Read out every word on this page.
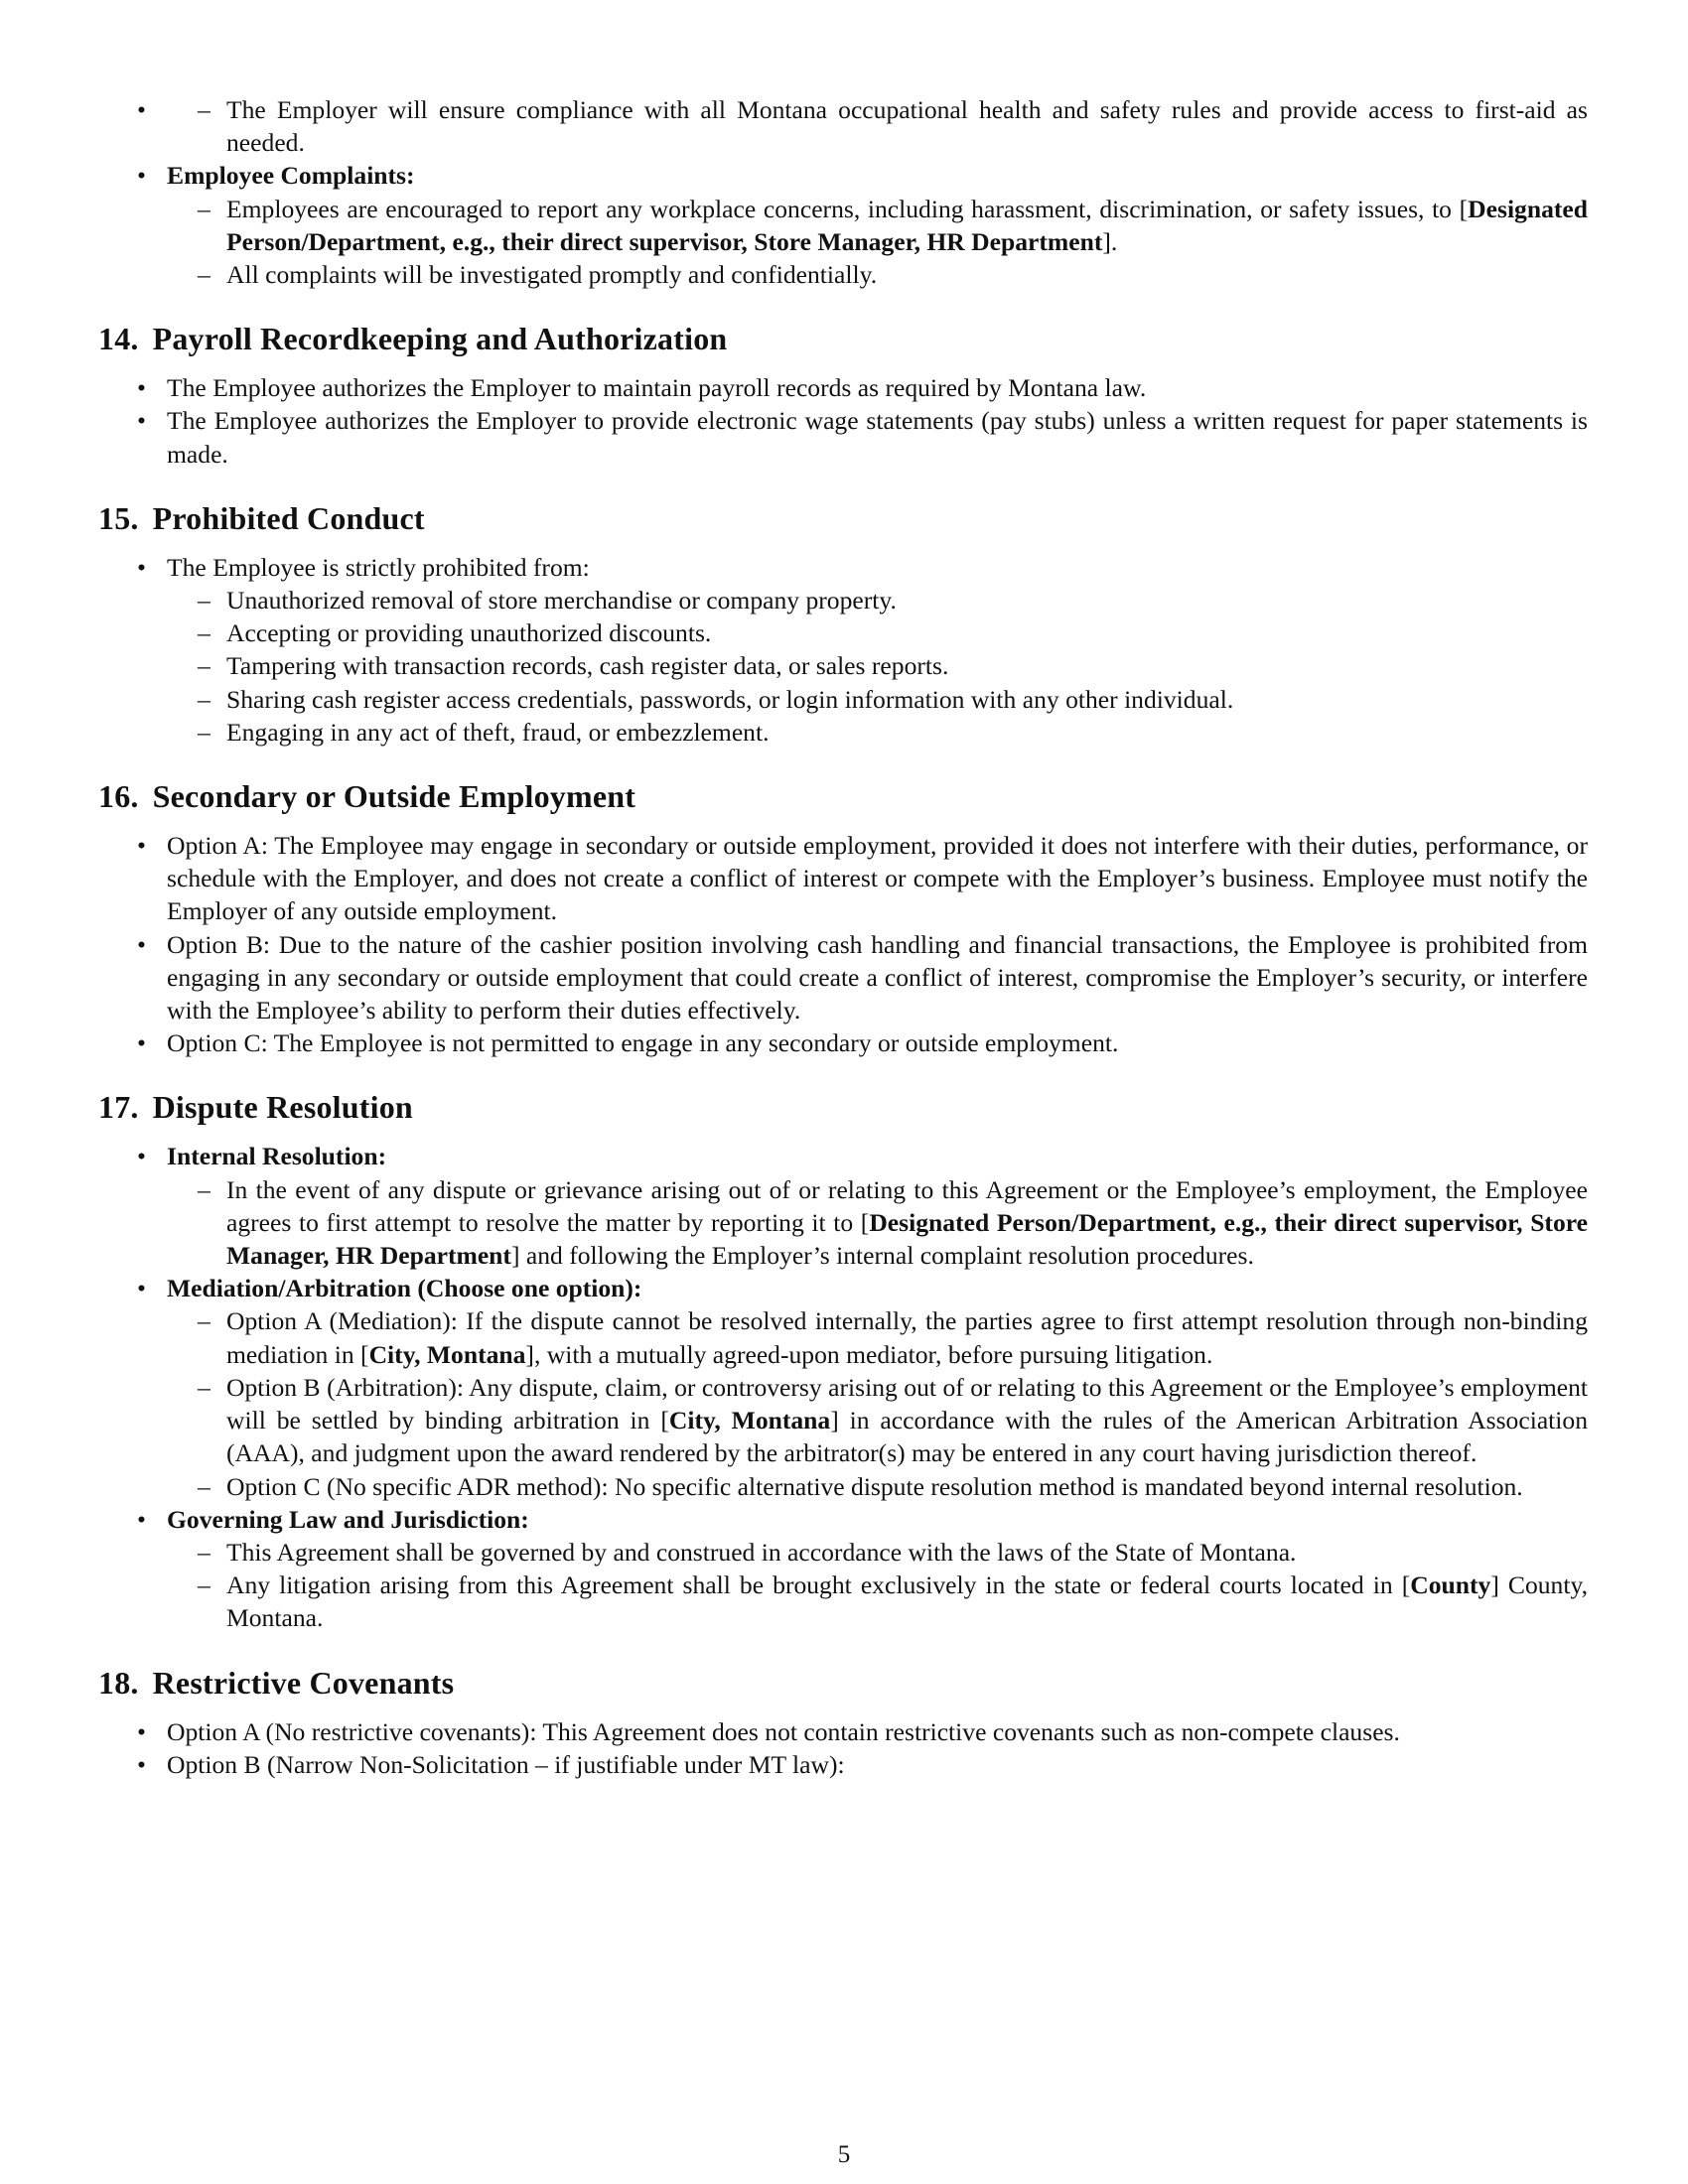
– • The Employer will ensure compliance with all Montana occupational health and safety rules and provide access to first-aid as needed.
• Employee Complaints:
– Employees are encouraged to report any workplace concerns, including harassment, discrimination, or safety issues, to [Designated Person/Department, e.g., their direct supervisor, Store Manager, HR Department].
– All complaints will be investigated promptly and confidentially.
14. Payroll Recordkeeping and Authorization
• The Employee authorizes the Employer to maintain payroll records as required by Montana law.
• The Employee authorizes the Employer to provide electronic wage statements (pay stubs) unless a written request for paper statements is made.
15. Prohibited Conduct
• The Employee is strictly prohibited from:
– Unauthorized removal of store merchandise or company property.
– Accepting or providing unauthorized discounts.
– Tampering with transaction records, cash register data, or sales reports.
– Sharing cash register access credentials, passwords, or login information with any other individual.
– Engaging in any act of theft, fraud, or embezzlement.
16. Secondary or Outside Employment
• Option A: The Employee may engage in secondary or outside employment, provided it does not interfere with their duties, performance, or schedule with the Employer, and does not create a conflict of interest or compete with the Employer’s business. Employee must notify the Employer of any outside employment.
• Option B: Due to the nature of the cashier position involving cash handling and financial transactions, the Employee is prohibited from engaging in any secondary or outside employment that could create a conflict of interest, compromise the Employer’s security, or interfere with the Employee’s ability to perform their duties effectively.
• Option C: The Employee is not permitted to engage in any secondary or outside employment.
17. Dispute Resolution
• Internal Resolution:
– In the event of any dispute or grievance arising out of or relating to this Agreement or the Employee’s employment, the Employee agrees to first attempt to resolve the matter by reporting it to [Designated Person/Department, e.g., their direct supervisor, Store Manager, HR Department] and following the Employer’s internal complaint resolution procedures.
• Mediation/Arbitration (Choose one option):
– Option A (Mediation): If the dispute cannot be resolved internally, the parties agree to first attempt resolution through non-binding mediation in [City, Montana], with a mutually agreed-upon mediator, before pursuing litigation.
– Option B (Arbitration): Any dispute, claim, or controversy arising out of or relating to this Agreement or the Employee’s employment will be settled by binding arbitration in [City, Montana] in accordance with the rules of the American Arbitration Association (AAA), and judgment upon the award rendered by the arbitrator(s) may be entered in any court having jurisdiction thereof.
– Option C (No specific ADR method): No specific alternative dispute resolution method is mandated beyond internal resolution.
• Governing Law and Jurisdiction:
– This Agreement shall be governed by and construed in accordance with the laws of the State of Montana.
– Any litigation arising from this Agreement shall be brought exclusively in the state or federal courts located in [County] County, Montana.
18. Restrictive Covenants
• Option A (No restrictive covenants): This Agreement does not contain restrictive covenants such as non-compete clauses.
• Option B (Narrow Non-Solicitation – if justifiable under MT law):
5
